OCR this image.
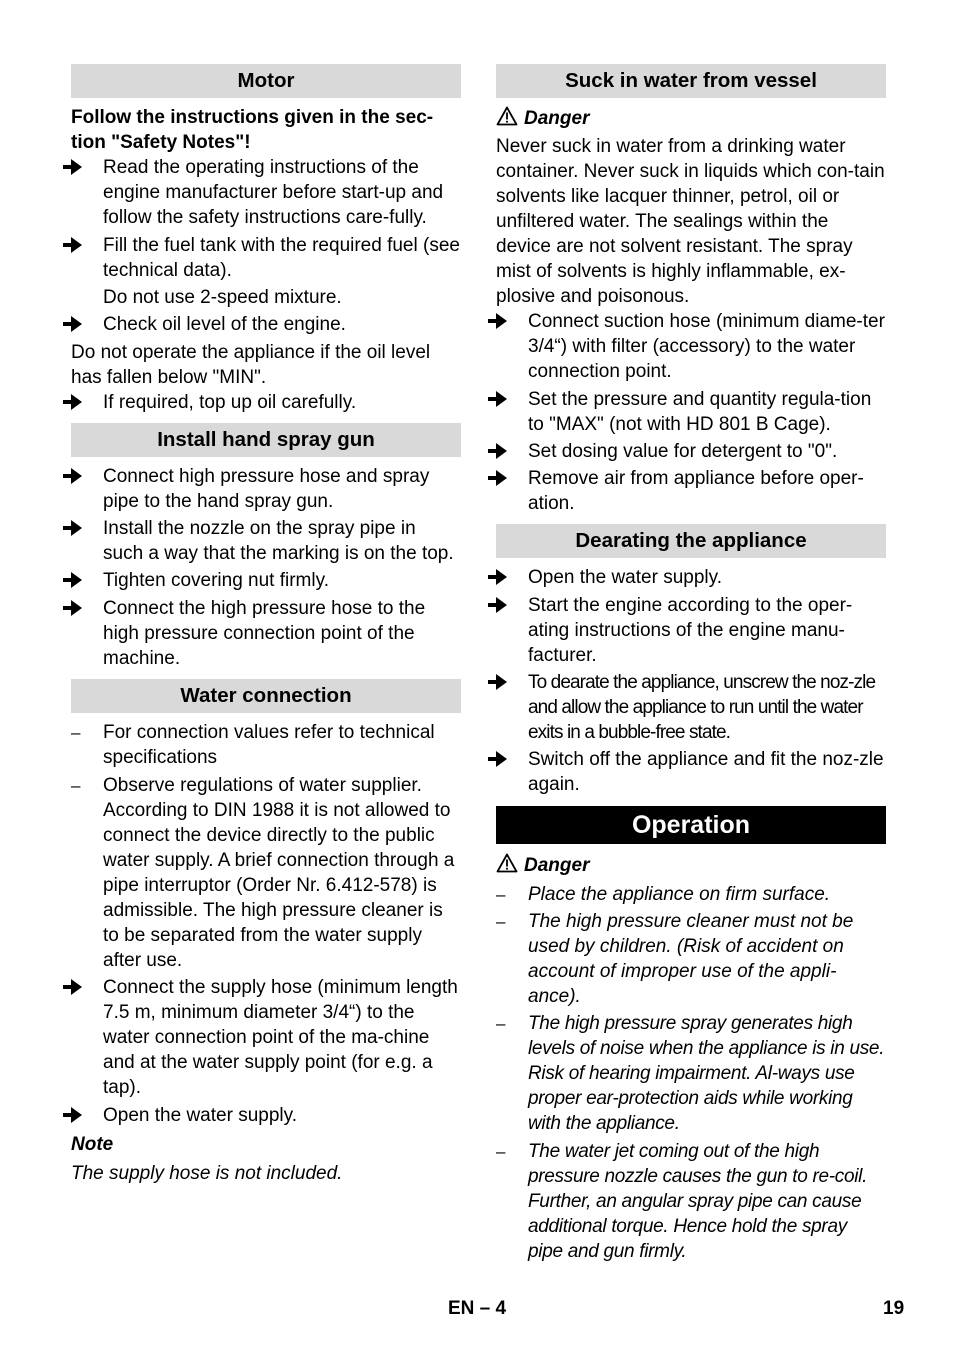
Motor
Follow the instructions given in the sec-
tion "Safety Notes"!
Read the operating instructions of the engine manufacturer before start-up and follow the safety instructions care-fully.
Fill the fuel tank with the required fuel (see technical data).
Do not use 2-speed mixture.
Check oil level of the engine.
Do not operate the appliance if the oil level has fallen below "MIN".
If required, top up oil carefully.
Install hand spray gun
Connect high pressure hose and spray pipe to the hand spray gun.
Install the nozzle on the spray pipe in such a way that the marking is on the top.
Tighten covering nut firmly.
Connect the high pressure hose to the high pressure connection point of the machine.
Water connection
–	For connection values refer to technical specifications
–	Observe regulations of water supplier. According to DIN 1988 it is not allowed to connect the device directly to the public water supply. A brief connection through a pipe interruptor (Order Nr. 6.412-578) is admissible. The high pressure cleaner is to be separated from the water supply after use.
Connect the supply hose (minimum length 7.5 m, minimum diameter 3/4“) to the water connection point of the ma-chine and at the water supply point (for e.g. a tap).
Open the water supply.
Note
The supply hose is not included.
Suck in water from vessel
Danger
Never suck in water from a drinking water container. Never suck in liquids which con-tain solvents like lacquer thinner, petrol, oil or unfiltered water. The sealings within the device are not solvent resistant. The spray mist of solvents is highly inflammable, ex-plosive and poisonous.
Connect suction hose (minimum diame-ter 3/4“) with filter (accessory) to the water connection point.
Set the pressure and quantity regula-tion to "MAX" (not with HD 801 B Cage).
Set dosing value for detergent to "0".
Remove air from appliance before oper-ation.
Dearating the appliance
Open the water supply.
Start the engine according to the oper-ating instructions of the engine manu-facturer.
To dearate the appliance, unscrew the noz-zle and allow the appliance to run until the water exits in a bubble-free state.
Switch off the appliance and fit the noz-zle again.
Operation
Danger
–	Place the appliance on firm surface.
–	The high pressure cleaner must not be used by children. (Risk of accident on account of improper use of the appli-ance).
–	The high pressure spray generates high levels of noise when the appliance is in use. Risk of hearing impairment. Al-ways use proper ear-protection aids while working with the appliance.
–	The water jet coming out of the high pressure nozzle causes the gun to re-coil. Further, an angular spray pipe can cause additional torque. Hence hold the spray pipe and gun firmly.
EN – 4	19
